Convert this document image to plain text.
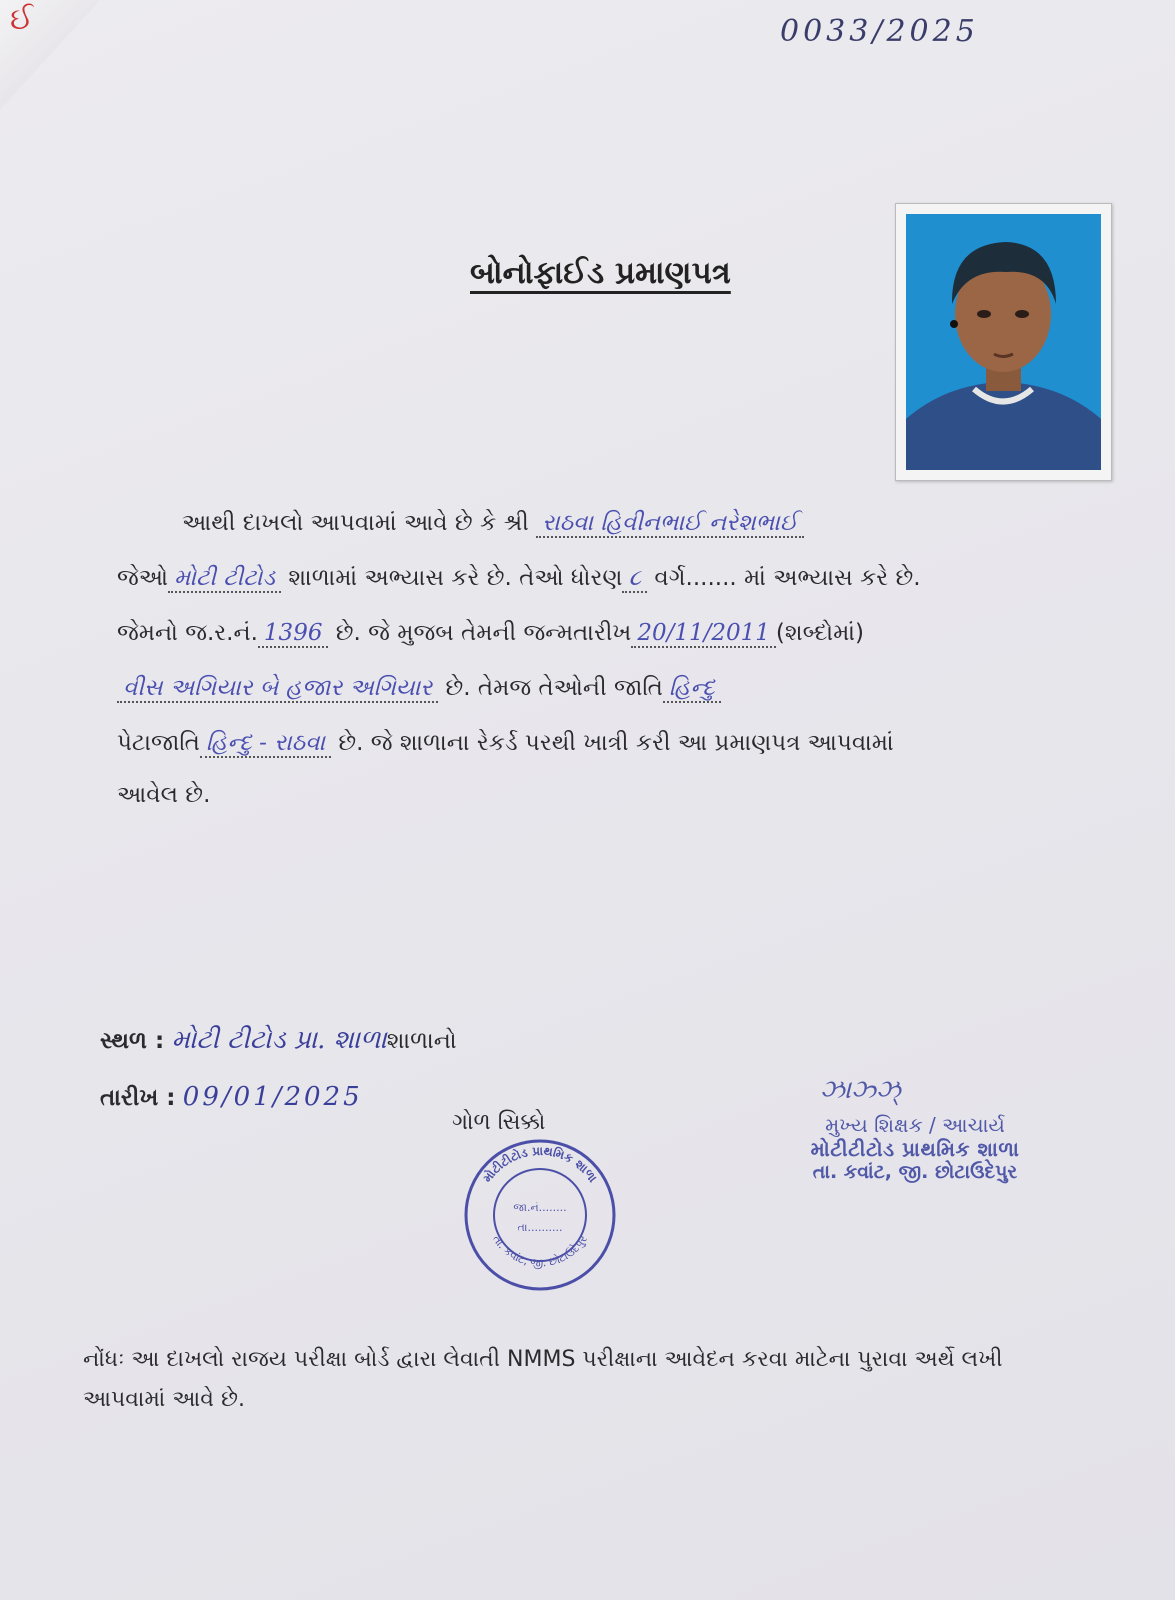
ઈ	0033/2025
બોનોફાઈડ પ્રમાણપત્ર
આથી દાખલો આપવામાં આવે છે કે શ્રી રાઠવા હિવીનભાઈ નરેશભાઈ
જેઓ મોટી ટીટોડ શાળામાં અભ્યાસ કરે છે. તેઓ ધોરણ ૮ વર્ગ....... માં અભ્યાસ કરે છે.
જેમનો જ.ર.નં. 1396 છે. જે મુજબ તેમની જન્મતારીખ 20/11/2011 (શબ્દોમાં)
વીસ અગિયાર બે હજાર અગિયાર છે. તેમજ તેઓની જાતિ હિન્દુ
પેટાજાતિ હિન્દુ - રાઠવા છે. જે શાળાના રેકર્ડ પરથી ખાત્રી કરી આ પ્રમાણપત્ર આપવામાં
આવેલ છે.
સ્થળ : મોટી ટીટોડ પ્રા. શાળાશાળાનો
તારીખ : 09/01/2025
ગોળ સિક્કો
મોટીટીટોડ પ્રાથમિક શાળા
તા. કવાંટ, જી. છોટાઉદેપુર
જા.નં........
તા..........
ઝાઝ્ઝ્
મુખ્ય શિક્ષક / આચાર્ય
મોટીટીટોડ પ્રાથમિક શાળા
તા. કવાંટ, જી. છોટાઉદેપુર
નોંધઃ આ દાખલો રાજય પરીક્ષા બોર્ડ દ્વારા લેવાતી NMMS પરીક્ષાના આવેદન કરવા માટેના પુરાવા અર્થે લખી
આપવામાં આવે છે.
